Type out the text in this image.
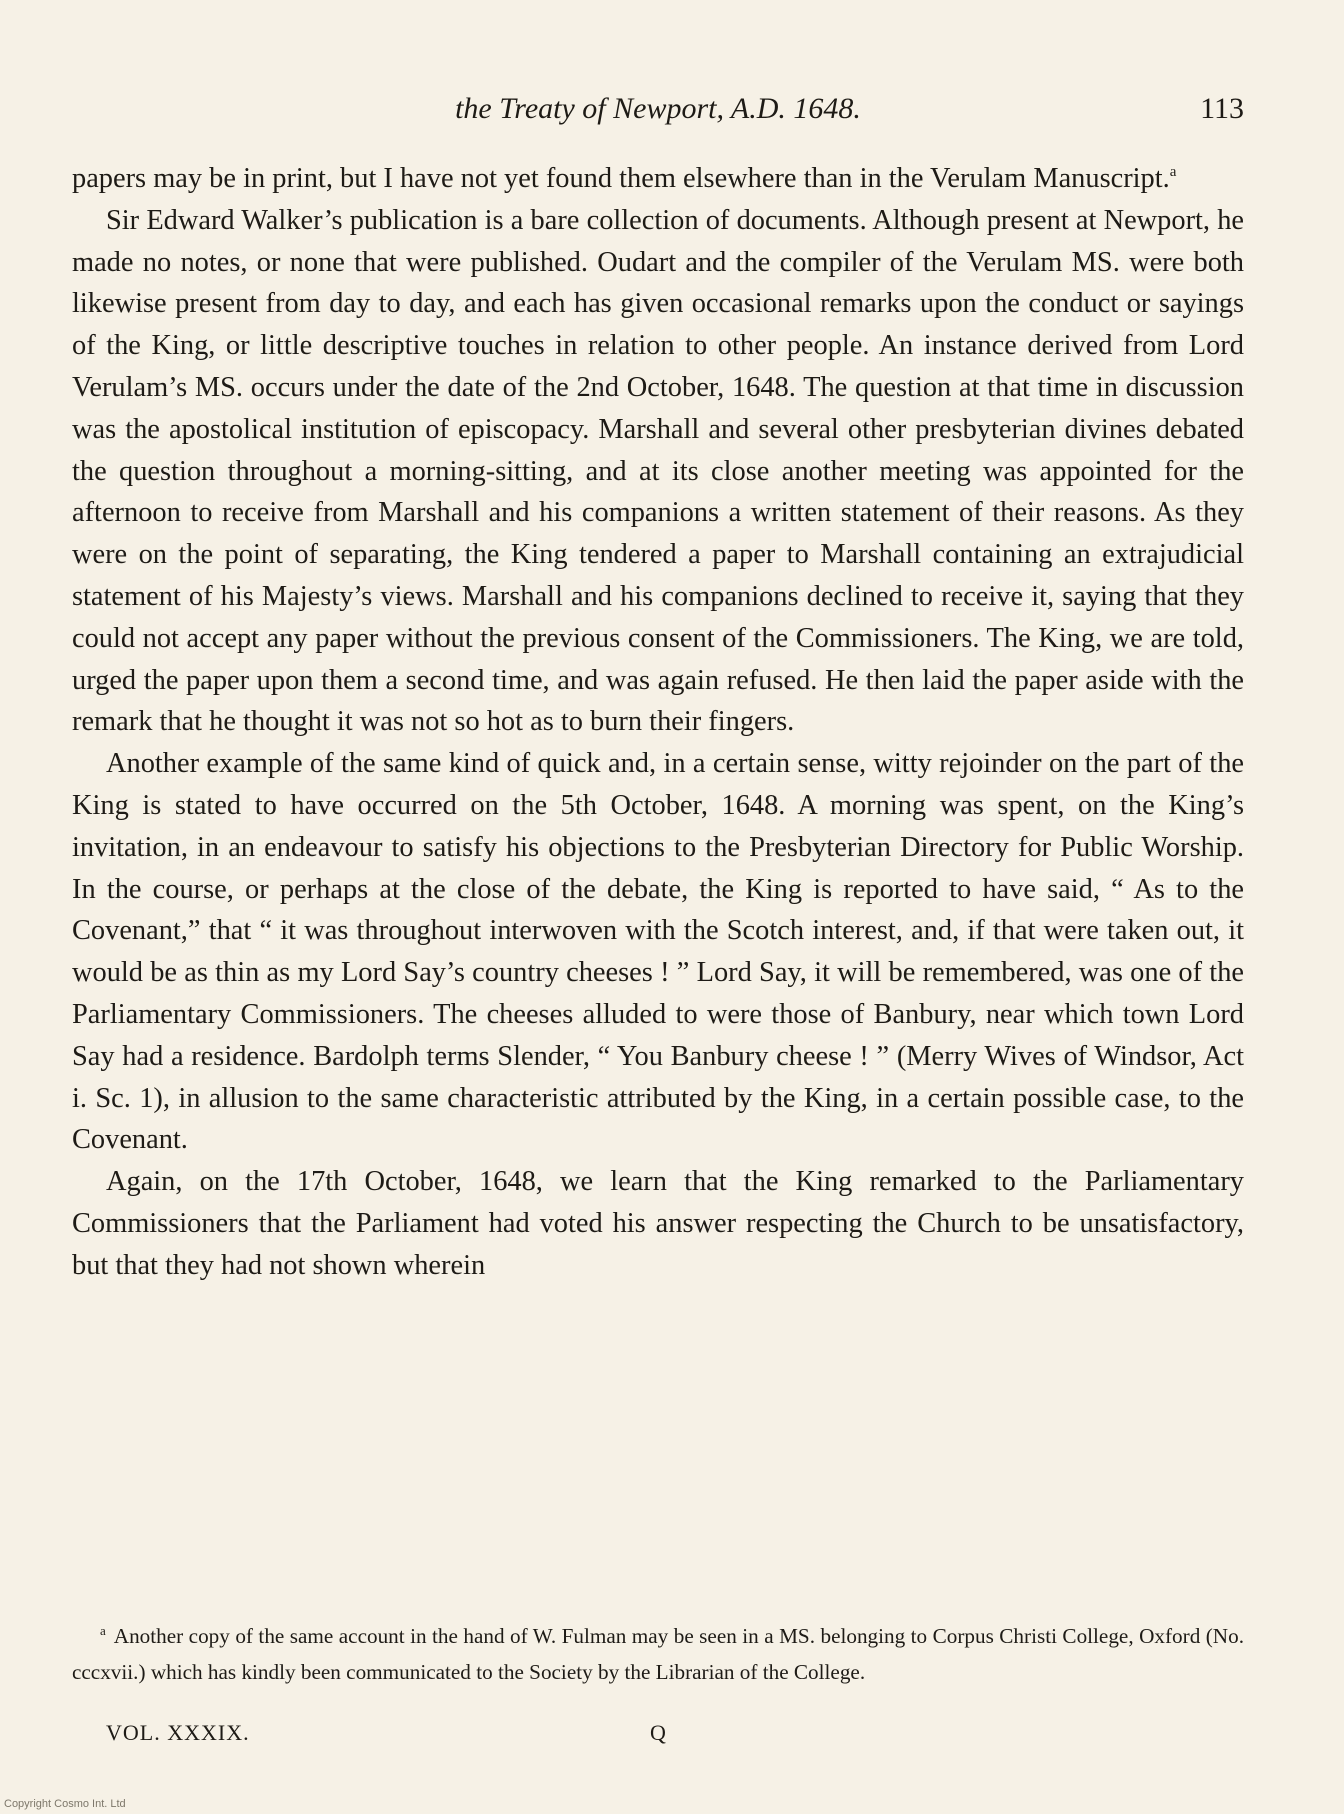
the Treaty of Newport, A.D. 1648.	113

papers may be in print, but I have not yet found them elsewhere than in the Verulam Manuscript.$^a$

Sir Edward Walker’s publication is a bare collection of documents. Although present at Newport, he made no notes, or none that were published. Oudart and the compiler of the Verulam MS. were both likewise present from day to day, and each has given occasional remarks upon the conduct or sayings of the King, or little descriptive touches in relation to other people. An instance derived from Lord Verulam’s MS. occurs under the date of the 2nd October, 1648. The question at that time in discussion was the apostolical institution of episcopacy. Marshall and several other presbyterian divines debated the question throughout a morning-sitting, and at its close another meeting was appointed for the afternoon to receive from Marshall and his companions a written statement of their reasons. As they were on the point of separating, the King tendered a paper to Marshall containing an extrajudicial statement of his Majesty’s views. Marshall and his companions declined to receive it, saying that they could not accept any paper without the previous consent of the Commissioners. The King, we are told, urged the paper upon them a second time, and was again refused. He then laid the paper aside with the remark that he thought it was not so hot as to burn their fingers.

Another example of the same kind of quick and, in a certain sense, witty rejoinder on the part of the King is stated to have occurred on the 5th October, 1648. A morning was spent, on the King’s invitation, in an endeavour to satisfy his objections to the Presbyterian Directory for Public Worship. In the course, or perhaps at the close of the debate, the King is reported to have said, “ As to the Covenant,” that “ it was throughout interwoven with the Scotch interest, and, if that were taken out, it would be as thin as my Lord Say’s country cheeses ! ” Lord Say, it will be remembered, was one of the Parliamentary Commissioners. The cheeses alluded to were those of Banbury, near which town Lord Say had a residence. Bardolph terms Slender, “ You Banbury cheese ! ” (Merry Wives of Windsor, Act i. Sc. 1), in allusion to the same characteristic attributed by the King, in a certain possible case, to the Covenant.

Again, on the 17th October, 1648, we learn that the King remarked to the Parliamentary Commissioners that the Parliament had voted his answer respecting the Church to be unsatisfactory, but that they had not shown wherein

$^a$ Another copy of the same account in the hand of W. Fulman may be seen in a MS. belonging to Corpus Christi College, Oxford (No. cccxvii.) which has kindly been communicated to the Society by the Librarian of the College.
VOL. XXXIX.	Q
Copyright Cosmo Int. Ltd
